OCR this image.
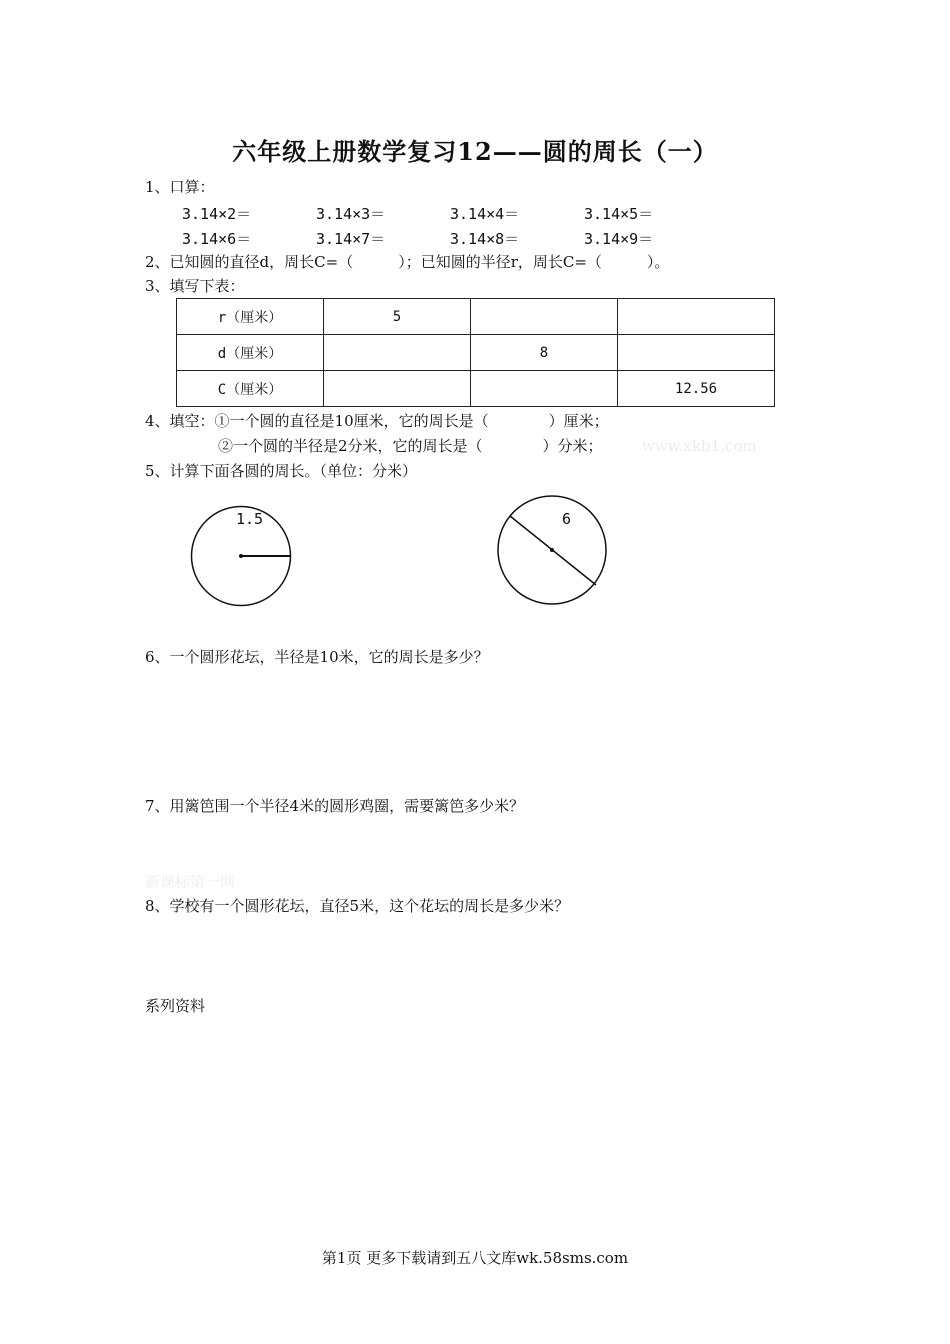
六年级上册数学复习12——圆的周长（一）
1、口算：
3.14×2＝	3.14×3＝	3.14×4＝	3.14×5＝
3.14×6＝	3.14×7＝	3.14×8＝	3.14×9＝
2、已知圆的直径d，周长C=（　　　）；已知圆的半径r，周长C=（　　　）。
3、填写下表：
r（厘米）	5		
d（厘米）		8	
C（厘米）			12.56
4、填空：①一个圆的直径是10厘米，它的周长是（　　　　）厘米；
②一个圆的半径是2分米，它的周长是（　　　　）分米；	www.xkb1.com
5、计算下面各圆的周长。（单位：分米）
1.5	6
6、一个圆形花坛，半径是10米，它的周长是多少？
7、用篱笆围一个半径4米的圆形鸡圈，需要篱笆多少米？
新课标第一网
8、学校有一个圆形花坛，直径5米，这个花坛的周长是多少米？
系列资料
第1页 更多下载请到五八文库wk.58sms.com
